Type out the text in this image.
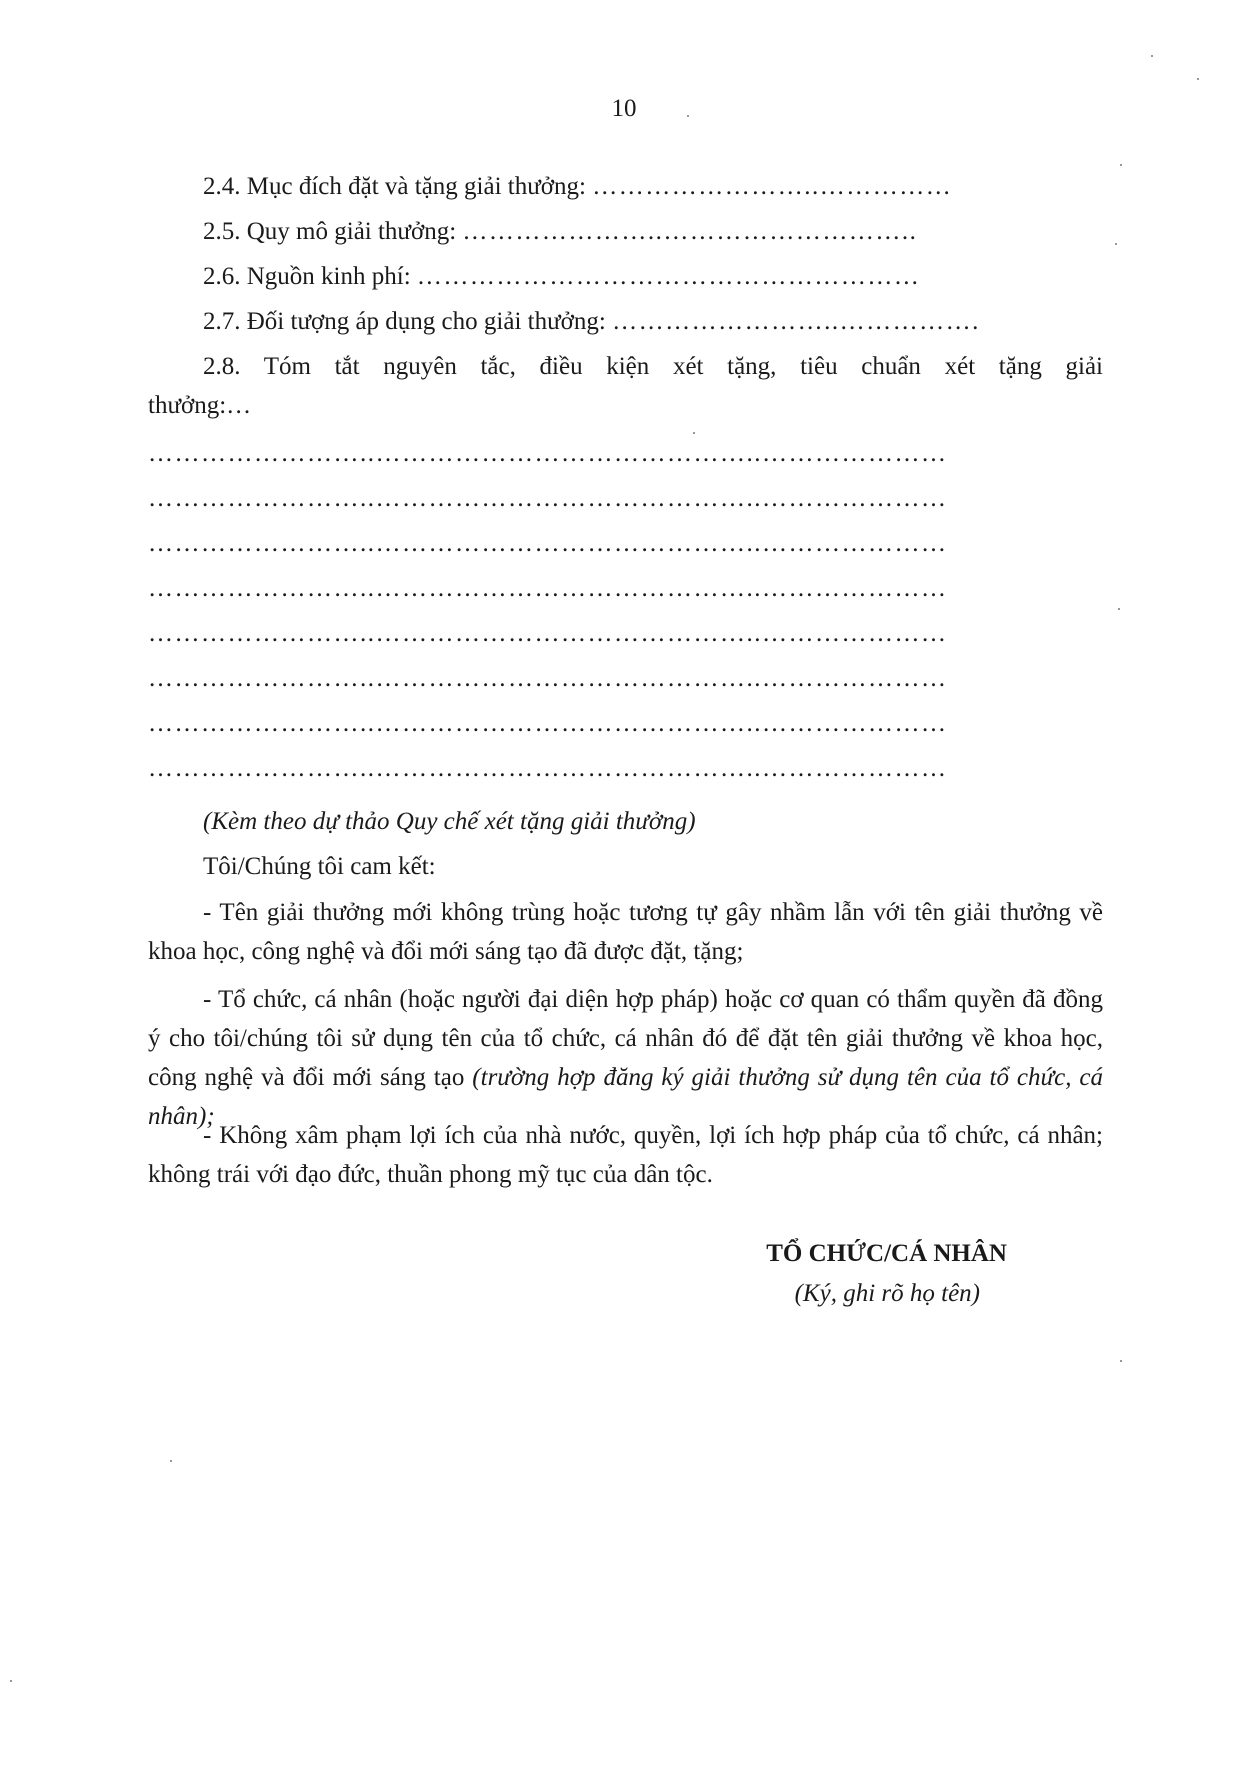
10
2.4. Mục đích đặt và tặng giải thưởng: ……………………..……………
2.5. Quy mô giải thưởng: …………………..………………………..
2.6. Nguồn kinh phí: …………………………………………………
2.7. Đối tượng áp dụng cho giải thưởng: ……………………..…………….
2.8. Tóm tắt nguyên tắc, điều kiện xét tặng, tiêu chuẩn xét tặng giải
thưởng:…
……………………..……………………………………..…………………
……………………..……………………………………..…………………
……………………..……………………………………..…………………
……………………..……………………………………..…………………
……………………..……………………………………..…………………
……………………..……………………………………..…………………
……………………..……………………………………..…………………
……………………..……………………………………..…………………
(Kèm theo dự thảo Quy chế xét tặng giải thưởng)
Tôi/Chúng tôi cam kết:
- Tên giải thưởng mới không trùng hoặc tương tự gây nhầm lẫn với tên giải thưởng về khoa học, công nghệ và đổi mới sáng tạo đã được đặt, tặng;
- Tổ chức, cá nhân (hoặc người đại diện hợp pháp) hoặc cơ quan có thẩm quyền đã đồng ý cho tôi/chúng tôi sử dụng tên của tổ chức, cá nhân đó để đặt tên giải thưởng về khoa học, công nghệ và đổi mới sáng tạo (trường hợp đăng ký giải thưởng sử dụng tên của tổ chức, cá nhân);
- Không xâm phạm lợi ích của nhà nước, quyền, lợi ích hợp pháp của tổ chức, cá nhân; không trái với đạo đức, thuần phong mỹ tục của dân tộc.
TỔ CHỨC/CÁ NHÂN
(Ký, ghi rõ họ tên)
